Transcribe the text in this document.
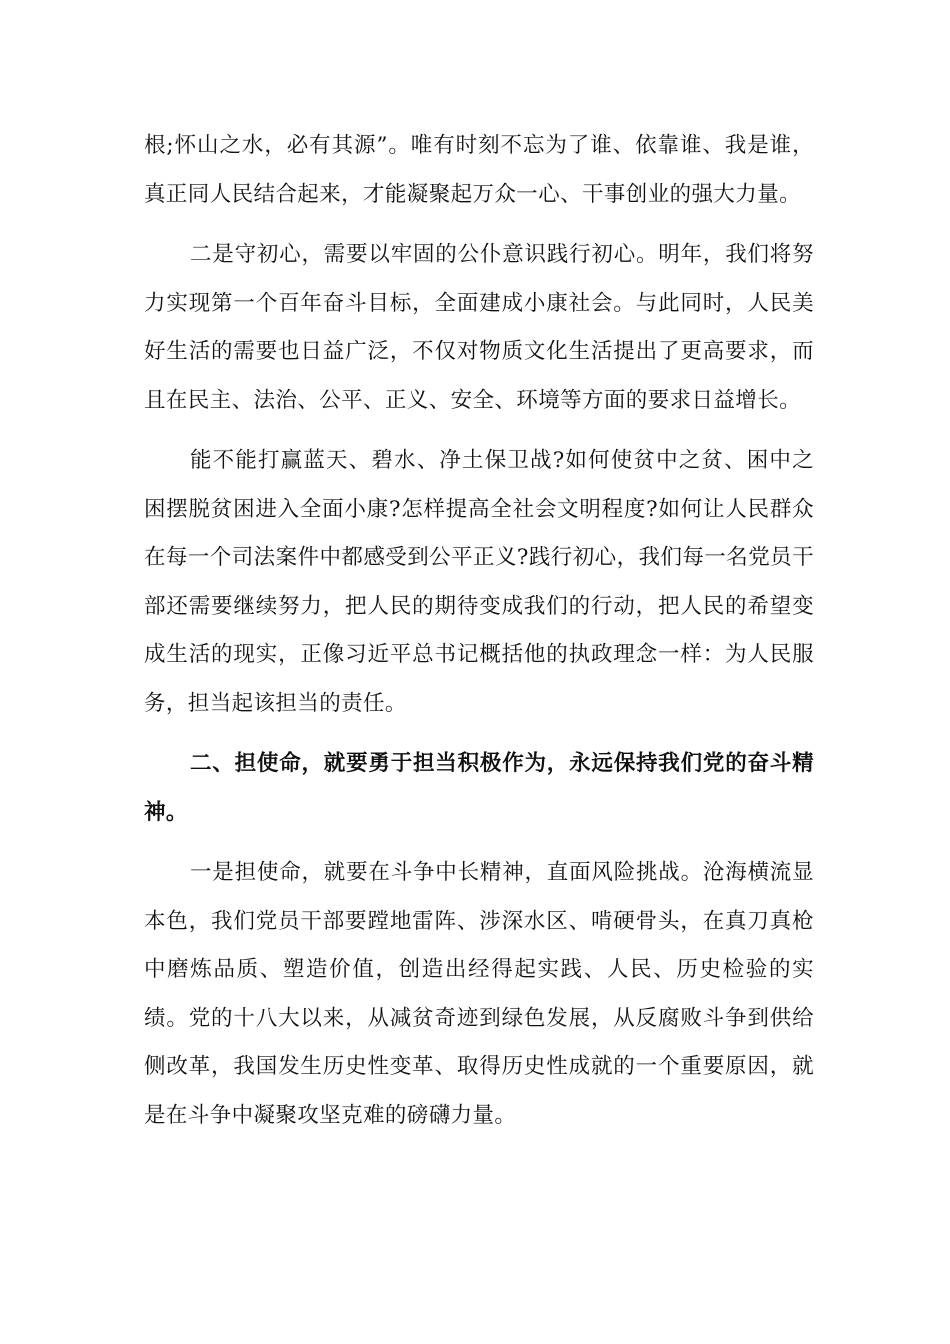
根;怀山之水，必有其源”。唯有时刻不忘为了谁、依靠谁、我是谁，真正同人民结合起来，才能凝聚起万众一心、干事创业的强大力量。

二是守初心，需要以牢固的公仆意识践行初心。明年，我们将努力实现第一个百年奋斗目标，全面建成小康社会。与此同时，人民美好生活的需要也日益广泛，不仅对物质文化生活提出了更高要求，而且在民主、法治、公平、正义、安全、环境等方面的要求日益增长。

能不能打赢蓝天、碧水、净土保卫战?如何使贫中之贫、困中之困摆脱贫困进入全面小康?怎样提高全社会文明程度?如何让人民群众在每一个司法案件中都感受到公平正义?践行初心，我们每一名党员干部还需要继续努力，把人民的期待变成我们的行动，把人民的希望变成生活的现实，正像习近平总书记概括他的执政理念一样：为人民服务，担当起该担当的责任。

二、担使命，就要勇于担当积极作为，永远保持我们党的奋斗精神。

一是担使命，就要在斗争中长精神，直面风险挑战。沧海横流显本色，我们党员干部要蹚地雷阵、涉深水区、啃硬骨头，在真刀真枪中磨炼品质、塑造价值，创造出经得起实践、人民、历史检验的实绩。党的十八大以来，从减贫奇迹到绿色发展，从反腐败斗争到供给侧改革，我国发生历史性变革、取得历史性成就的一个重要原因，就是在斗争中凝聚攻坚克难的磅礴力量。
